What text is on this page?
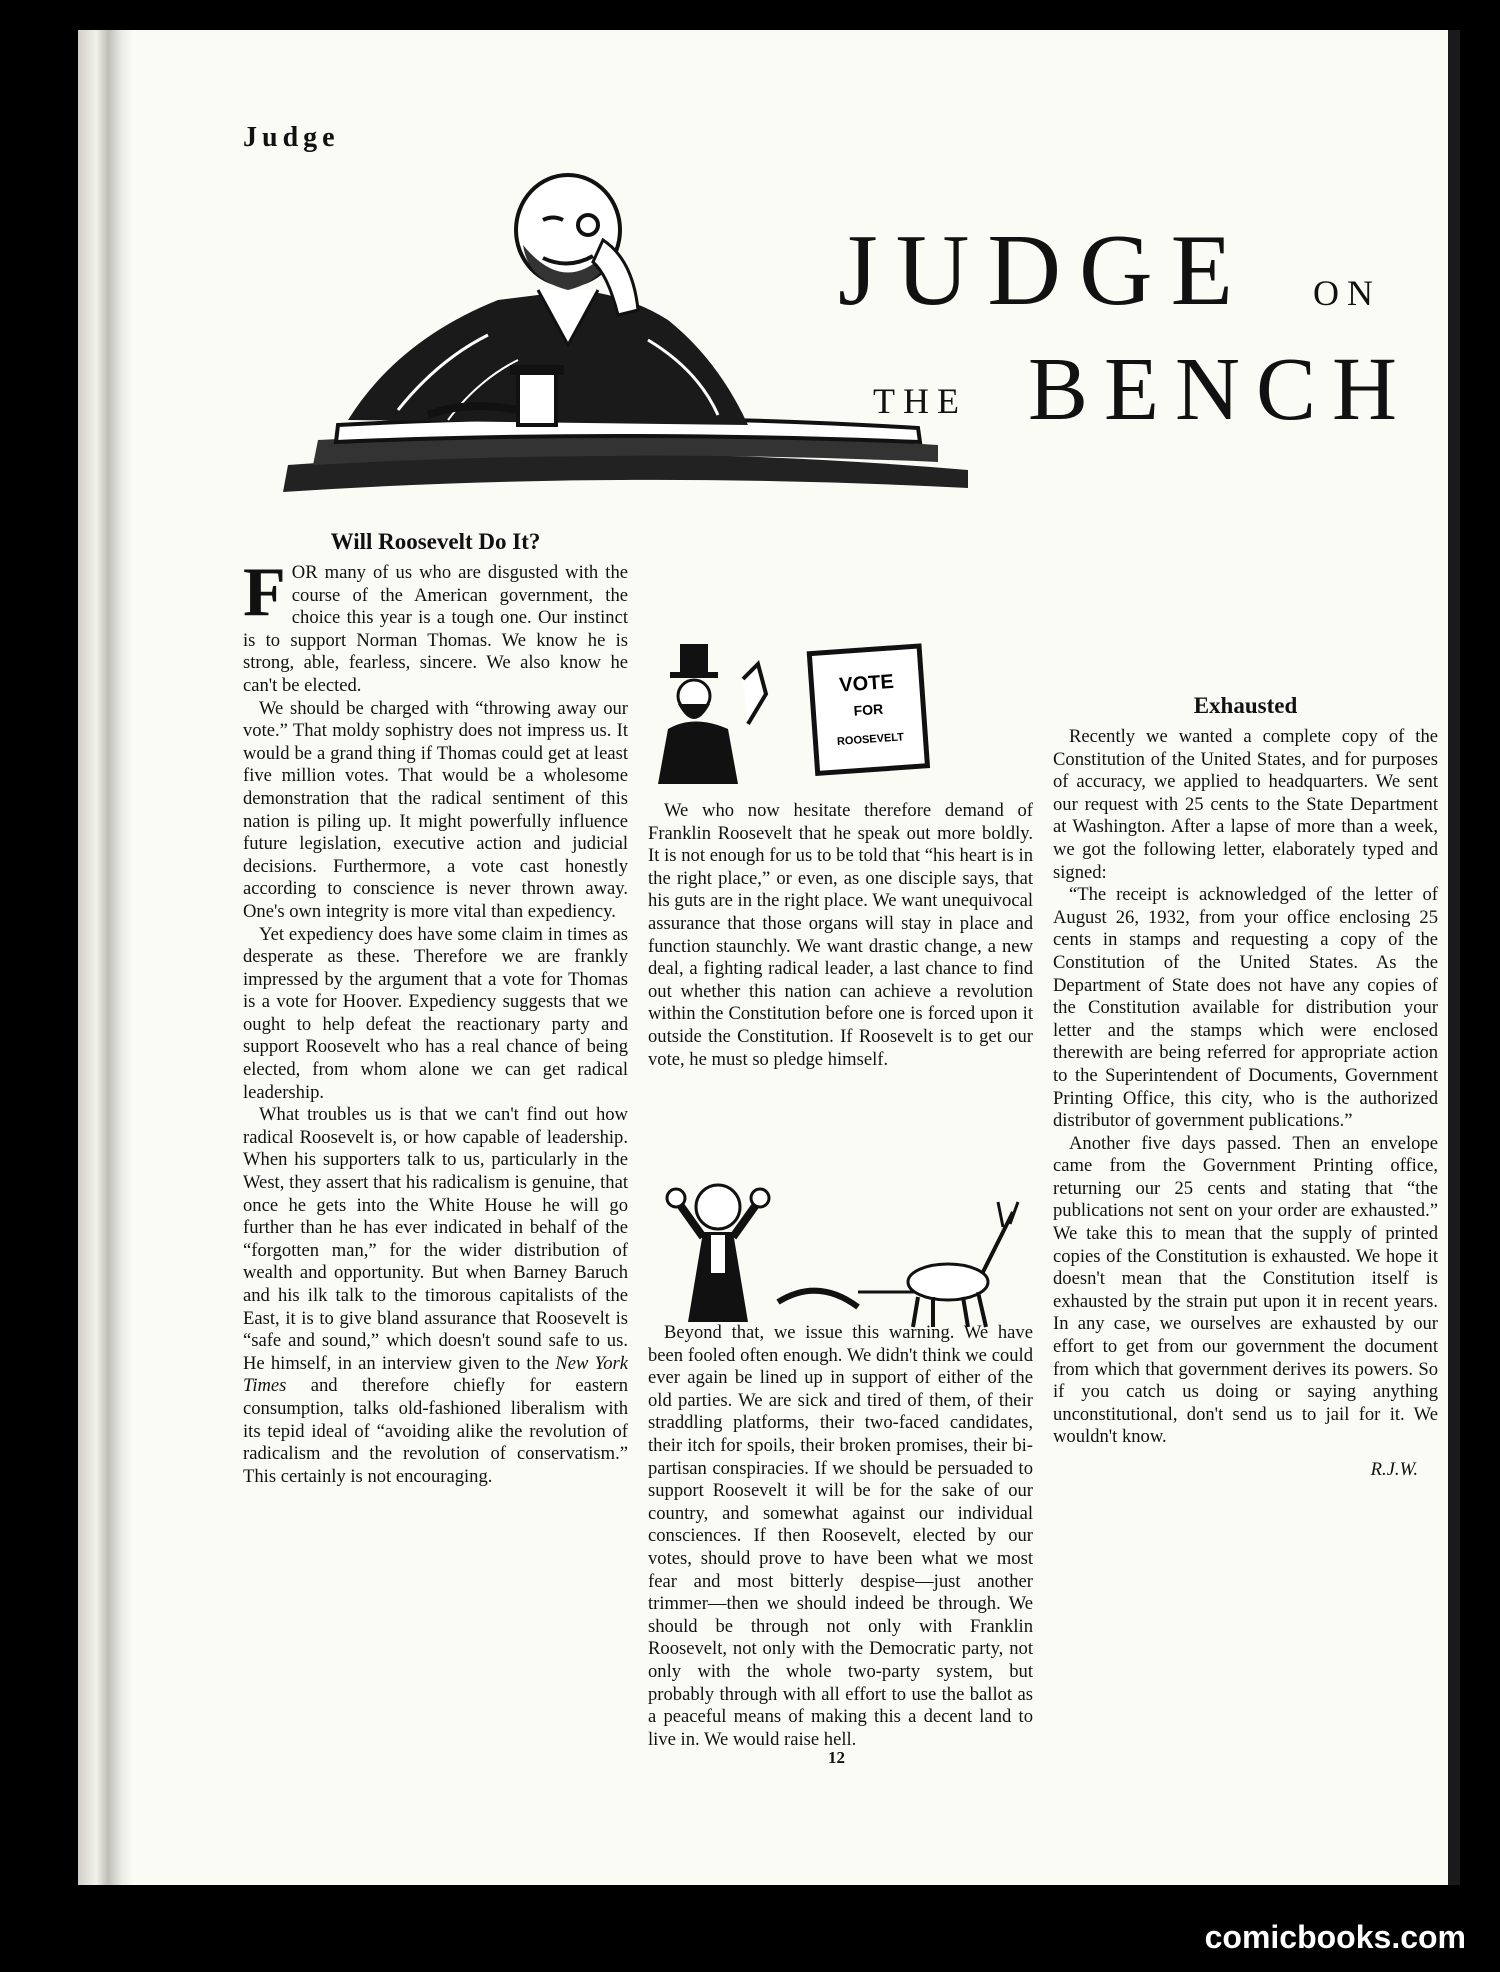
Judge
JUDGE ON
THE BENCH
Will Roosevelt Do It?

FOR many of us who are disgusted with the course of the American government, the choice this year is a tough one. Our instinct is to support Norman Thomas. We know he is strong, able, fearless, sincere. We also know he can't be elected.

We should be charged with “throwing away our vote.” That moldy sophistry does not impress us. It would be a grand thing if Thomas could get at least five million votes. That would be a wholesome demonstration that the radical sentiment of this nation is piling up. It might powerfully influence future legislation, executive action and judicial decisions. Furthermore, a vote cast honestly according to conscience is never thrown away. One's own integrity is more vital than expediency.

Yet expediency does have some claim in times as desperate as these. Therefore we are frankly impressed by the argument that a vote for Thomas is a vote for Hoover. Expediency suggests that we ought to help defeat the reactionary party and support Roosevelt who has a real chance of being elected, from whom alone we can get radical leadership.

What troubles us is that we can't find out how radical Roosevelt is, or how capable of leadership. When his supporters talk to us, particularly in the West, they assert that his radicalism is genuine, that once he gets into the White House he will go further than he has ever indicated in behalf of the “forgotten man,” for the wider distribution of wealth and opportunity. But when Barney Baruch and his ilk talk to the timorous capitalists of the East, it is to give bland assurance that Roosevelt is “safe and sound,” which doesn't sound safe to us. He himself, in an interview given to the New York Times and therefore chiefly for eastern consumption, talks old-fashioned liberalism with its tepid ideal of “avoiding alike the revolution of radicalism and the revolution of conservatism.” This certainly is not encouraging.

VOTE
FOR
ROOSEVELT

We who now hesitate therefore demand of Franklin Roosevelt that he speak out more boldly. It is not enough for us to be told that “his heart is in the right place,” or even, as one disciple says, that his guts are in the right place. We want unequivocal assurance that those organs will stay in place and function staunchly. We want drastic change, a new deal, a fighting radical leader, a last chance to find out whether this nation can achieve a revolution within the Constitution before one is forced upon it outside the Constitution. If Roosevelt is to get our vote, he must so pledge himself.

Beyond that, we issue this warning. We have been fooled often enough. We didn't think we could ever again be lined up in support of either of the old parties. We are sick and tired of them, of their straddling platforms, their two-faced candidates, their itch for spoils, their broken promises, their bi-partisan conspiracies. If we should be persuaded to support Roosevelt it will be for the sake of our country, and somewhat against our individual consciences. If then Roosevelt, elected by our votes, should prove to have been what we most fear and most bitterly despise—just another trimmer—then we should indeed be through. We should be through not only with Franklin Roosevelt, not only with the Democratic party, not only with the whole two-party system, but probably through with all effort to use the ballot as a peaceful means of making this a decent land to live in. We would raise hell.

Exhausted

Recently we wanted a complete copy of the Constitution of the United States, and for purposes of accuracy, we applied to headquarters. We sent our request with 25 cents to the State Department at Washington. After a lapse of more than a week, we got the following letter, elaborately typed and signed:

“The receipt is acknowledged of the letter of August 26, 1932, from your office enclosing 25 cents in stamps and requesting a copy of the Constitution of the United States. As the Department of State does not have any copies of the Constitution available for distribution your letter and the stamps which were enclosed therewith are being referred for appropriate action to the Superintendent of Documents, Government Printing Office, this city, who is the authorized distributor of government publications.”

Another five days passed. Then an envelope came from the Government Printing office, returning our 25 cents and stating that “the publications not sent on your order are exhausted.” We take this to mean that the supply of printed copies of the Constitution is exhausted. We hope it doesn't mean that the Constitution itself is exhausted by the strain put upon it in recent years. In any case, we ourselves are exhausted by our effort to get from our government the document from which that government derives its powers. So if you catch us doing or saying anything unconstitutional, don't send us to jail for it. We wouldn't know.

R.J.W.
12
comicbooks.com
